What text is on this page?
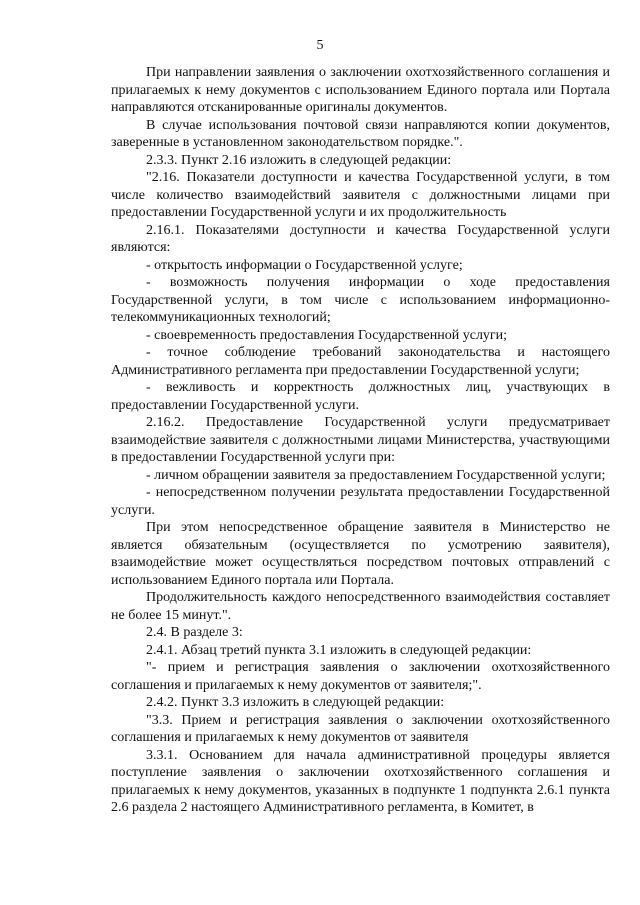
5

При направлении заявления о заключении охотхозяйственного соглашения и прилагаемых к нему документов с использованием Единого портала или Портала направляются отсканированные оригиналы документов.

В случае использования почтовой связи направляются копии документов, заверенные в установленном законодательством порядке.".

2.3.3. Пункт 2.16 изложить в следующей редакции:

"2.16. Показатели доступности и качества Государственной услуги, в том числе количество взаимодействий заявителя с должностными лицами при предоставлении Государственной услуги и их продолжительность

2.16.1. Показателями доступности и качества Государственной услуги являются:

- открытость информации о Государственной услуге;

- возможность получения информации о ходе предоставления Государственной услуги, в том числе с использованием информационно-телекоммуникационных технологий;

- своевременность предоставления Государственной услуги;

- точное соблюдение требований законодательства и настоящего Административного регламента при предоставлении Государственной услуги;

- вежливость и корректность должностных лиц, участвующих в предоставлении Государственной услуги.

2.16.2. Предоставление Государственной услуги предусматривает взаимодействие заявителя с должностными лицами Министерства, участвующими в предоставлении Государственной услуги при:

- личном обращении заявителя за предоставлением Государственной услуги;

- непосредственном получении результата предоставлении Государственной услуги.

При этом непосредственное обращение заявителя в Министерство не является обязательным (осуществляется по усмотрению заявителя), взаимодействие может осуществляться посредством почтовых отправлений с использованием Единого портала или Портала.

Продолжительность каждого непосредственного взаимодействия составляет не более 15 минут.".

2.4. В разделе 3:

2.4.1. Абзац третий пункта 3.1 изложить в следующей редакции:

"- прием и регистрация заявления о заключении охотхозяйственного соглашения и прилагаемых к нему документов от заявителя;".

2.4.2. Пункт 3.3 изложить в следующей редакции:

"3.3. Прием и регистрация заявления о заключении охотхозяйственного соглашения и прилагаемых к нему документов от заявителя

3.3.1. Основанием для начала административной процедуры является поступление заявления о заключении охотхозяйственного соглашения и прилагаемых к нему документов, указанных в подпункте 1 подпункта 2.6.1 пункта 2.6 раздела 2 настоящего Административного регламента, в Комитет, в
